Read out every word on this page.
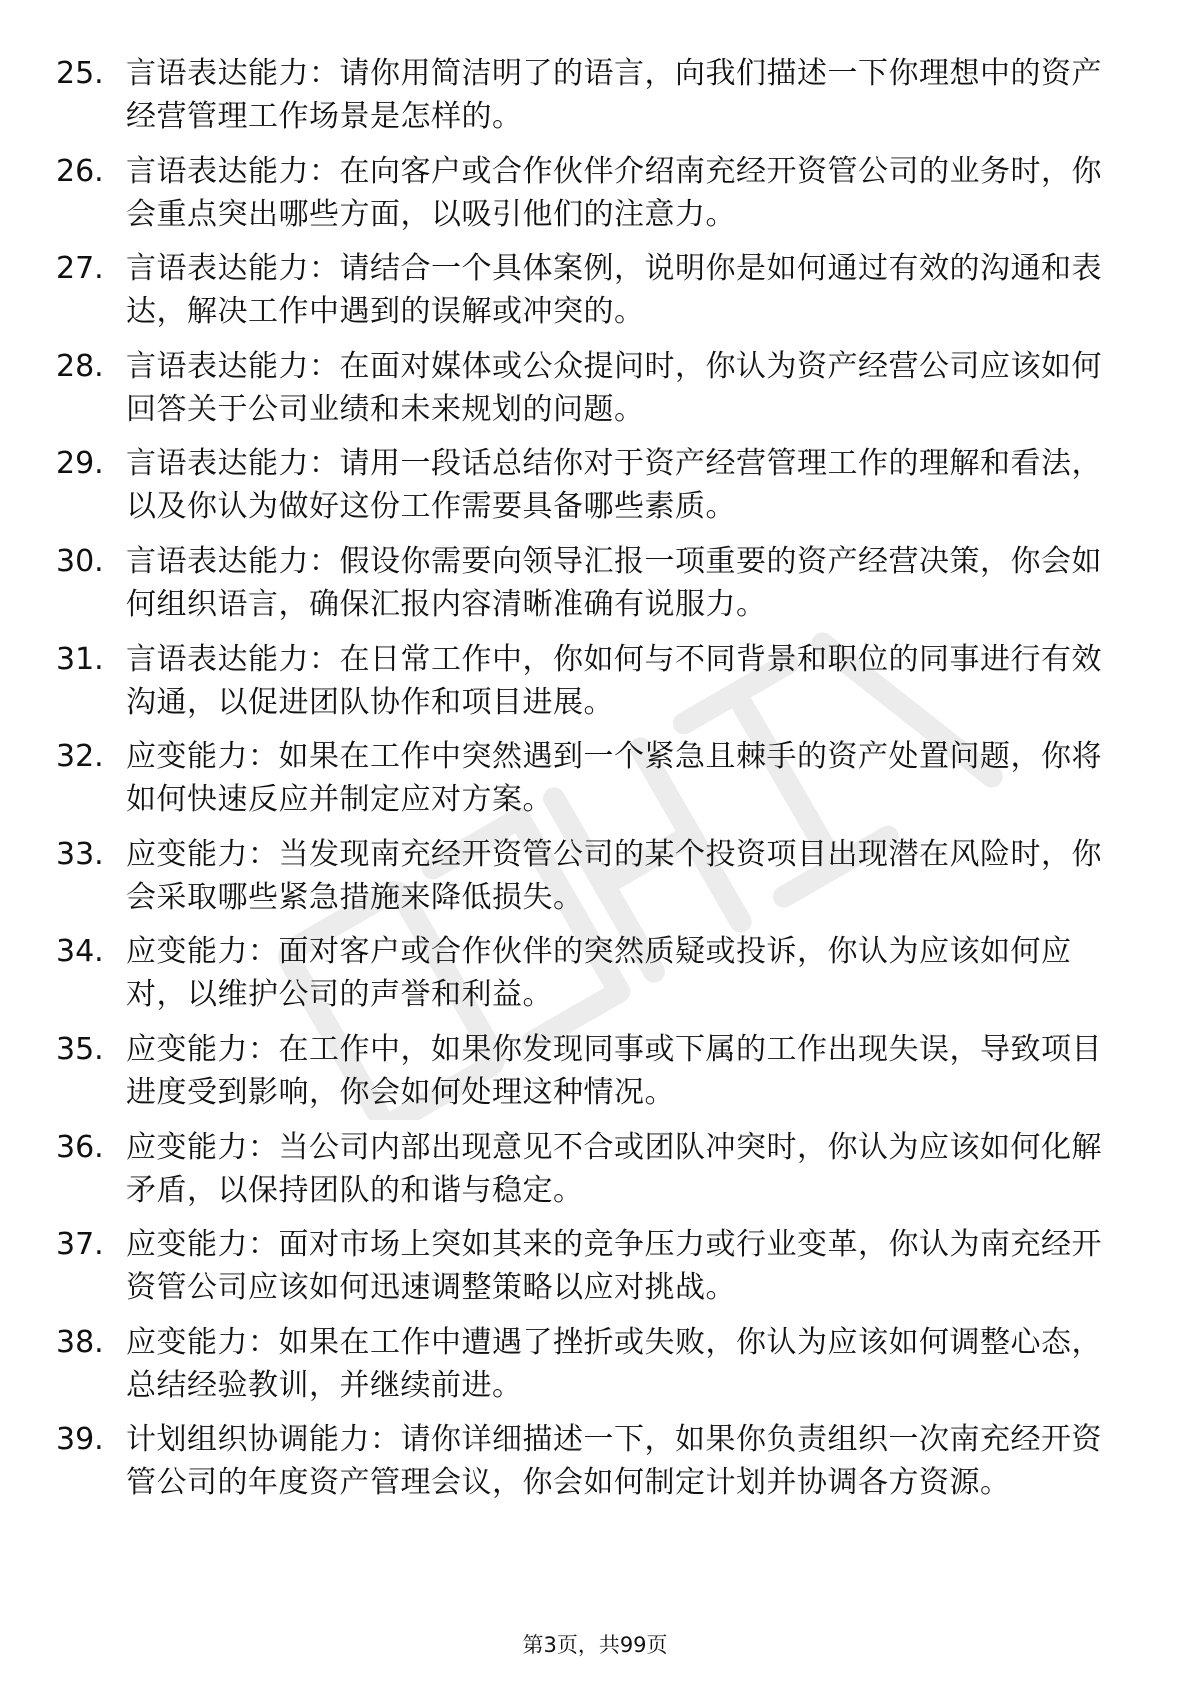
25. 言语表达能力：请你用简洁明了的语言，向我们描述一下你理想中的资产经营管理工作场景是怎样的。
26. 言语表达能力：在向客户或合作伙伴介绍南充经开资管公司的业务时，你会重点突出哪些方面，以吸引他们的注意力。
27. 言语表达能力：请结合一个具体案例，说明你是如何通过有效的沟通和表达，解决工作中遇到的误解或冲突的。
28. 言语表达能力：在面对媒体或公众提问时，你认为资产经营公司应该如何回答关于公司业绩和未来规划的问题。
29. 言语表达能力：请用一段话总结你对于资产经营管理工作的理解和看法，以及你认为做好这份工作需要具备哪些素质。
30. 言语表达能力：假设你需要向领导汇报一项重要的资产经营决策，你会如何组织语言，确保汇报内容清晰准确有说服力。
31. 言语表达能力：在日常工作中，你如何与不同背景和职位的同事进行有效沟通，以促进团队协作和项目进展。
32. 应变能力：如果在工作中突然遇到一个紧急且棘手的资产处置问题，你将如何快速反应并制定应对方案。
33. 应变能力：当发现南充经开资管公司的某个投资项目出现潜在风险时，你会采取哪些紧急措施来降低损失。
34. 应变能力：面对客户或合作伙伴的突然质疑或投诉，你认为应该如何应对，以维护公司的声誉和利益。
35. 应变能力：在工作中，如果你发现同事或下属的工作出现失误，导致项目进度受到影响，你会如何处理这种情况。
36. 应变能力：当公司内部出现意见不合或团队冲突时，你认为应该如何化解矛盾，以保持团队的和谐与稳定。
37. 应变能力：面对市场上突如其来的竞争压力或行业变革，你认为南充经开资管公司应该如何迅速调整策略以应对挑战。
38. 应变能力：如果在工作中遭遇了挫折或失败，你认为应该如何调整心态，总结经验教训，并继续前进。
39. 计划组织协调能力：请你详细描述一下，如果你负责组织一次南充经开资管公司的年度资产管理会议，你会如何制定计划并协调各方资源。
第3页，共99页
